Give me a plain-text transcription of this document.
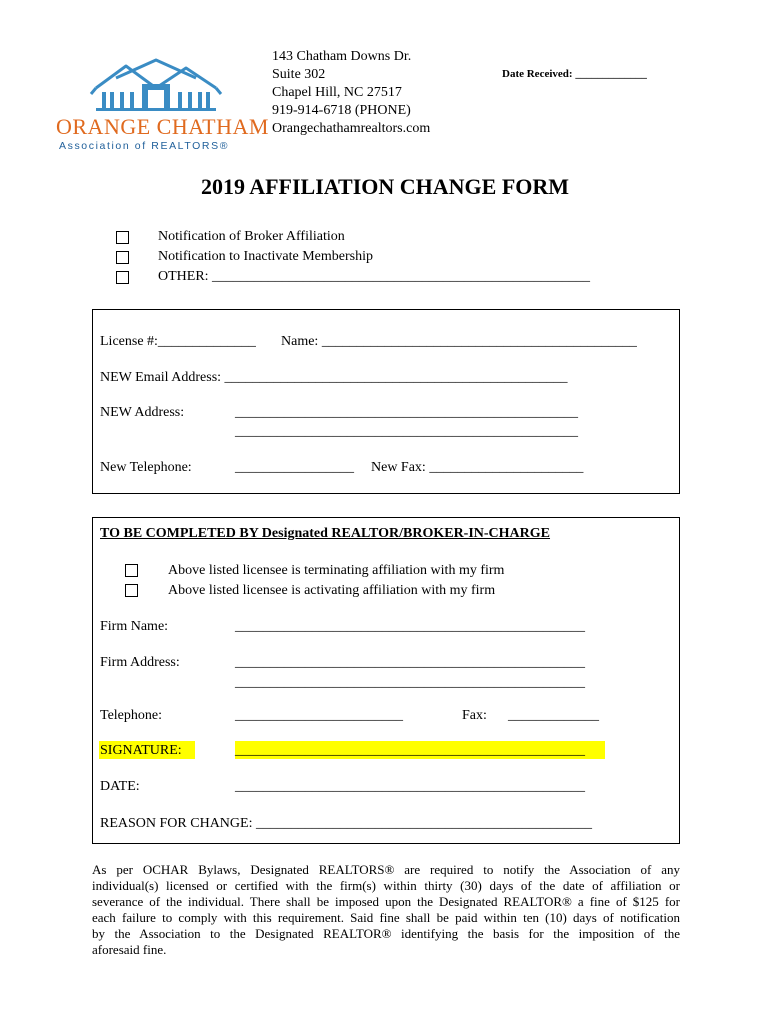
ORANGE CHATHAM
Association of REALTORS®
143 Chatham Downs Dr.
Suite 302
Chapel Hill, NC 27517
919-914-6718 (PHONE)
Orangechathamrealtors.com
Date Received: _____________
2019 AFFILIATION CHANGE FORM
Notification of Broker Affiliation
Notification to Inactivate Membership
OTHER: ______________________________________________________
License #:______________ Name: _____________________________________________
NEW Email Address: _________________________________________________
NEW Address:	_________________________________________________
_________________________________________________
New Telephone:	_________________ New Fax: ______________________
TO BE COMPLETED BY Designated REALTOR/BROKER-IN-CHARGE
Above listed licensee is terminating affiliation with my firm
Above listed licensee is activating affiliation with my firm
Firm Name:	__________________________________________________
Firm Address:	__________________________________________________
__________________________________________________
Telephone:	________________________	Fax: _____________
SIGNATURE:	__________________________________________________
DATE:	__________________________________________________
REASON FOR CHANGE: ________________________________________________
As per OCHAR Bylaws, Designated REALTORS® are required to notify the Association of any
individual(s) licensed or certified with the firm(s) within thirty (30) days of the date of affiliation or
severance of the individual. There shall be imposed upon the Designated REALTOR® a fine of $125 for
each failure to comply with this requirement. Said fine shall be paid within ten (10) days of notification
by the Association to the Designated REALTOR® identifying the basis for the imposition of the
aforesaid fine.
